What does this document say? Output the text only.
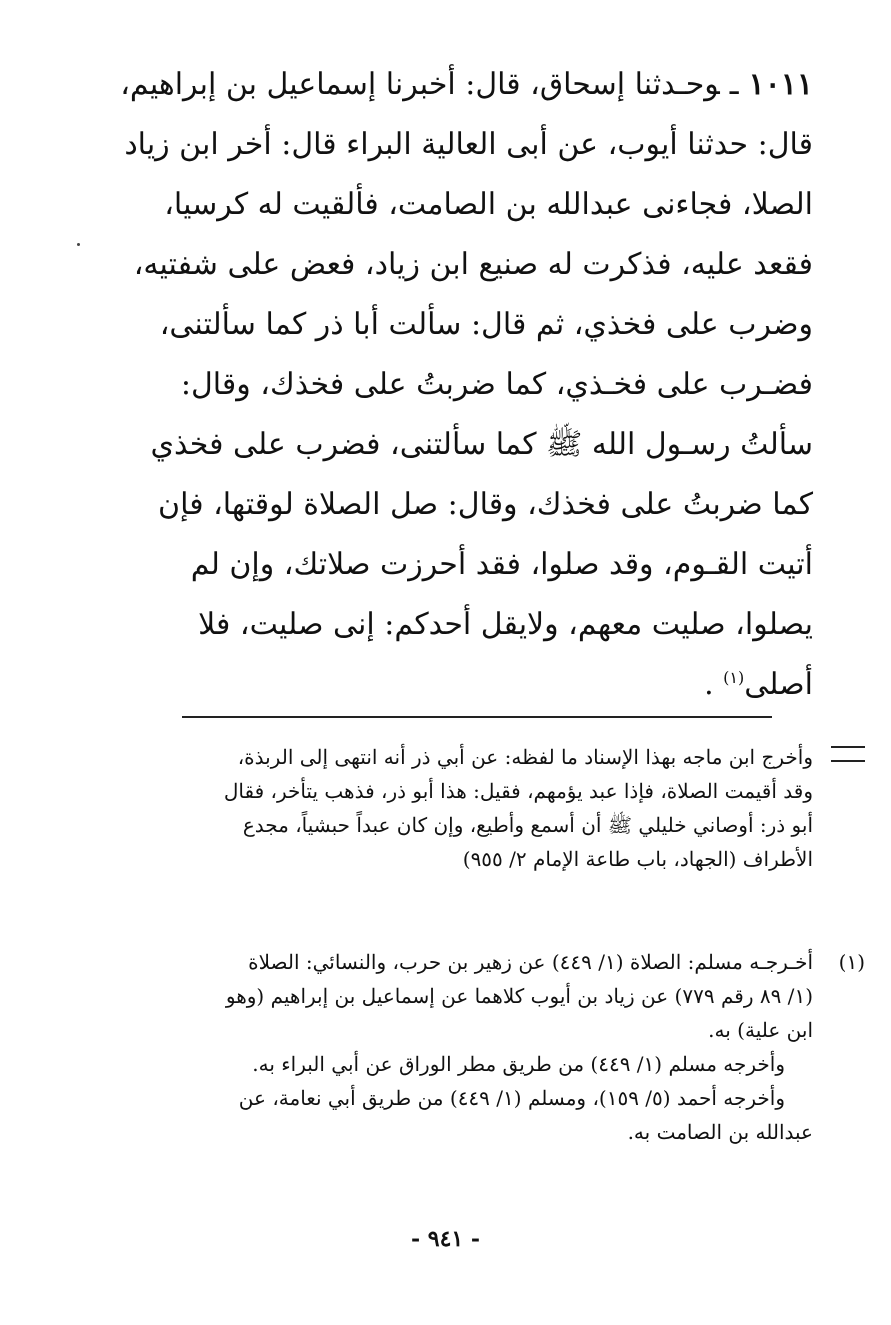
١٠١١ـوحـدثنا إسحاق، قال: أخبرنا إسماعيل بن إبراهيم،
قال: حدثنا أيوب، عن أبى العالية البراء قال: أخر ابن زياد
الصلا، فجاءنى عبدالله بن الصامت، فألقيت له كرسيا،
فقعد عليه، فذكرت له صنيع ابن زياد، فعض على شفتيه،
وضرب على فخذي، ثم قال: سألت أبا ذر كما سألتنى،
فضـرب على فخـذي، كما ضربتُ على فخذك، وقال:
سألتُ رسـول الله ﷺ كما سألتنى، فضرب على فخذي
كما ضربتُ على فخذك، وقال: صل الصلاة لوقتها، فإن
أتيت القـوم، وقد صلوا، فقد أحرزت صلاتك، وإن لم
يصلوا، صليت معهم، ولايقل أحدكم: إنى صليت، فلا
أصلى$^{(١)}$ .
وأخرج ابن ماجه بهذا الإسناد ما لفظه: عن أبي ذر أنه انتهى إلى الربذة،
وقد أقيمت الصلاة، فإذا عبد يؤمهم، فقيل: هذا أبو ذر، فذهب يتأخر، فقال
أبو ذر: أوصاني خليلي ﷺ أن أسمع وأطيع، وإن كان عبداً حبشياً، مجدع
الأطراف (الجهاد، باب طاعة الإمام ٢/ ٩٥٥)
(١)
أخـرجـه مسلم: الصلاة (١/ ٤٤٩) عن زهير بن حرب، والنسائي: الصلاة
(١/ ٨٩ رقم ٧٧٩) عن زياد بن أيوب كلاهما عن إسماعيل بن إبراهيم (وهو
ابن علية) به.
وأخرجه مسلم (١/ ٤٤٩) من طريق مطر الوراق عن أبي البراء به.
وأخرجه أحمد (٥/ ١٥٩)، ومسلم (١/ ٤٤٩) من طريق أبي نعامة، عن
عبدالله بن الصامت به.
- ٩٤١ -
